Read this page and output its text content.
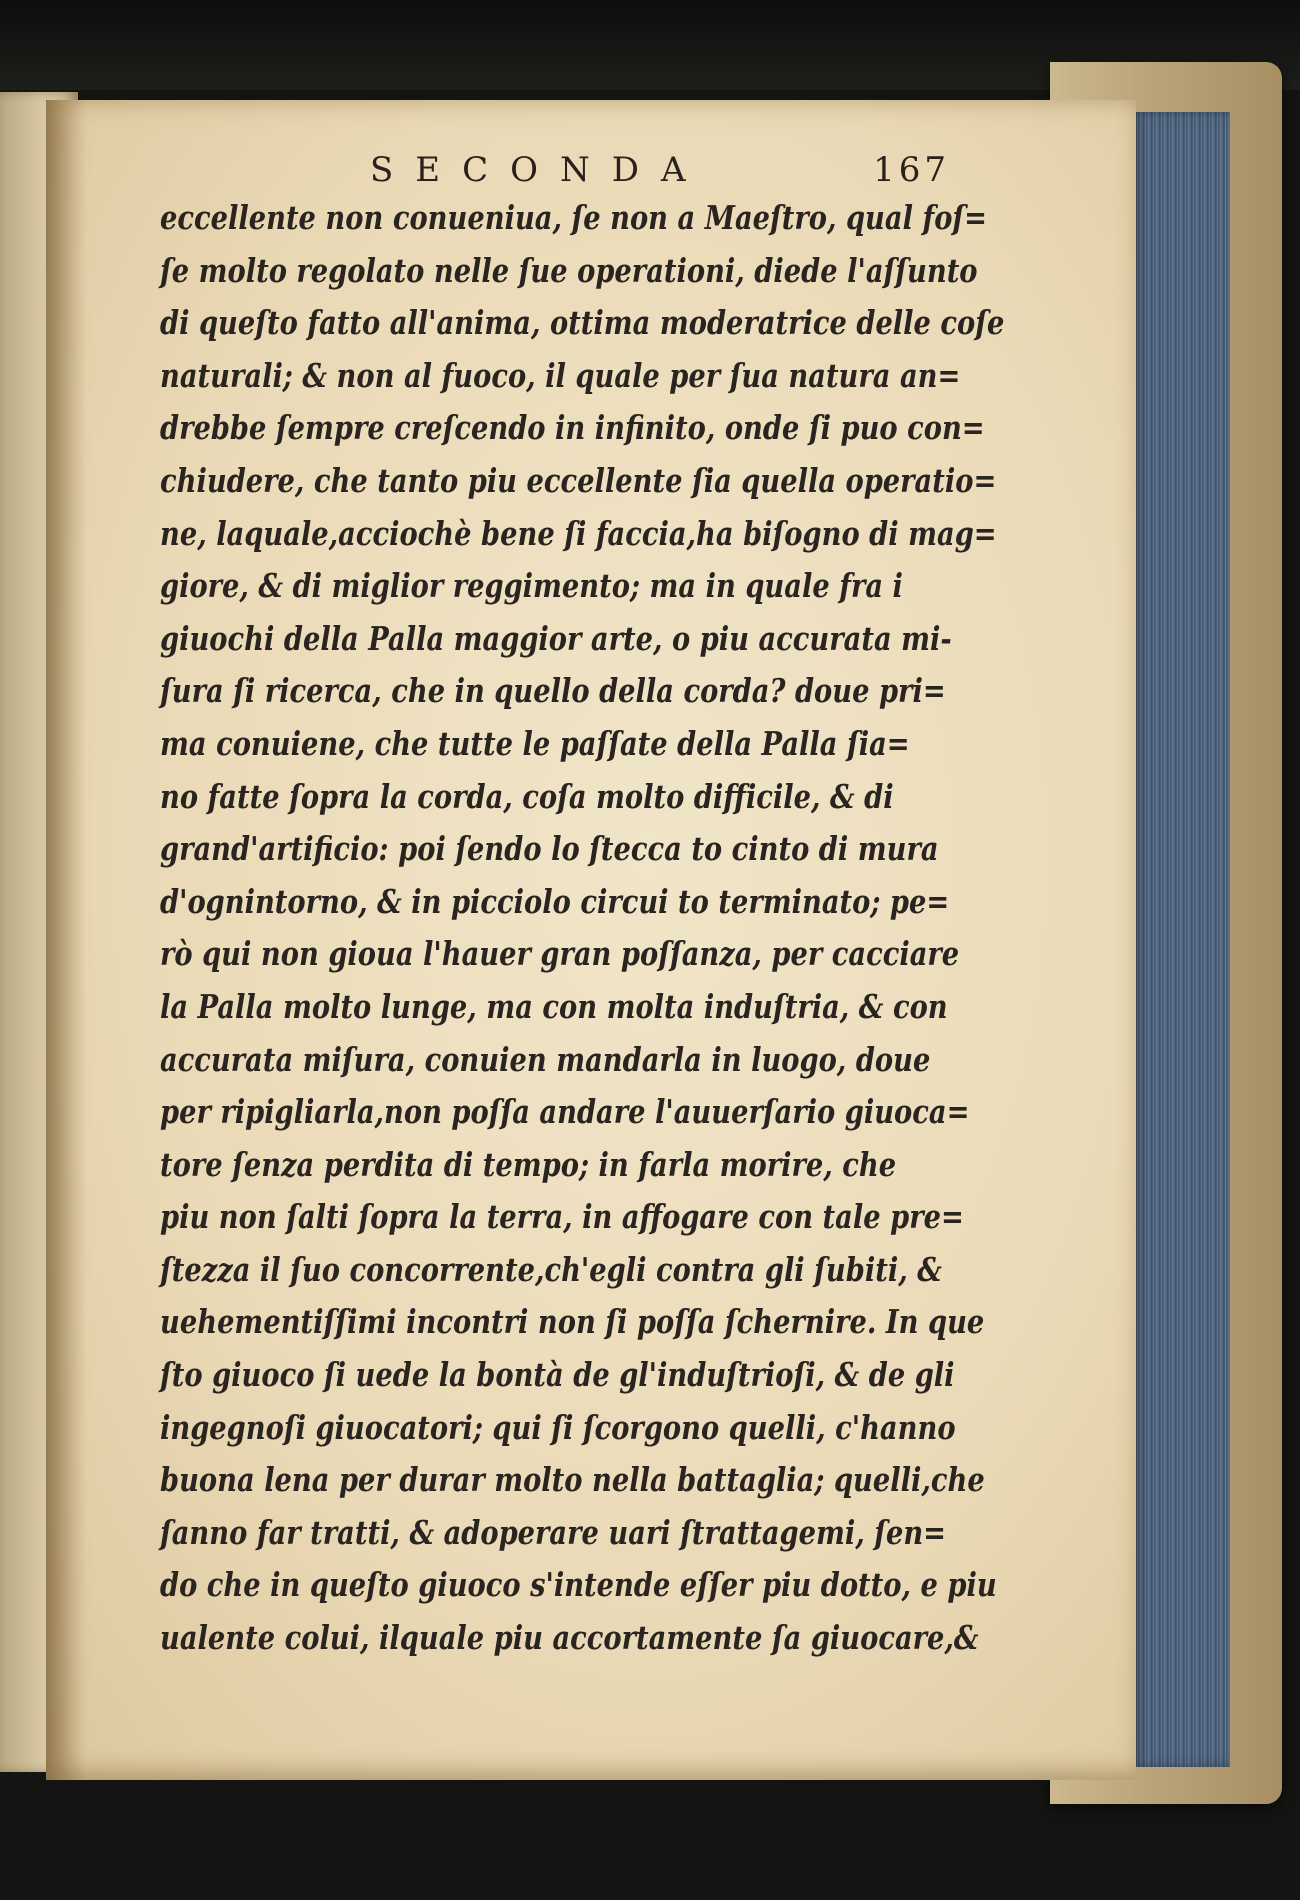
SECONDA	167
eccellente non conueniua, ſe non a Maeſtro, qual foſ=
ſe molto regolato nelle ſue operationi, diede l'aſſunto
di queſto fatto all'anima, ottima moderatrice delle coſe
naturali; & non al fuoco, il quale per ſua natura an=
drebbe ſempre creſcendo in infinito, onde ſi puo con=
chiudere, che tanto piu eccellente ſia quella operatio=
ne, laquale,acciochè bene ſi faccia,ha biſogno di mag=
giore, & di miglior reggimento; ma in quale fra i
giuochi della Palla maggior arte, o piu accurata mi-
ſura ſi ricerca, che in quello della corda? doue pri=
ma conuiene, che tutte le paſſate della Palla ſia=
no fatte ſopra la corda, coſa molto difficile, & di
grand'artificio: poi ſendo lo ſtecca to cinto di mura
d'ognintorno, & in picciolo circui to terminato; pe=
rò qui non gioua l'hauer gran poſſanza, per cacciare
la Palla molto lunge, ma con molta induſtria, & con
accurata miſura, conuien mandarla in luogo, doue
per ripigliarla,non poſſa andare l'auuerſario giuoca=
tore ſenza perdita di tempo; in farla morire, che
piu non ſalti ſopra la terra, in affogare con tale pre=
ſtezza il ſuo concorrente,ch'egli contra gli ſubiti, &
uehementiſſimi incontri non ſi poſſa ſchernire. In que
ſto giuoco ſi uede la bontà de gl'induſtrioſi, & de gli
ingegnoſi giuocatori; qui ſi ſcorgono quelli, c'hanno
buona lena per durar molto nella battaglia; quelli,che
ſanno far tratti, & adoperare uari ſtrattagemi, ſen=
do che in queſto giuoco s'intende eſſer piu dotto, e piu
ualente colui, ilquale piu accortamente ſa giuocare,&
